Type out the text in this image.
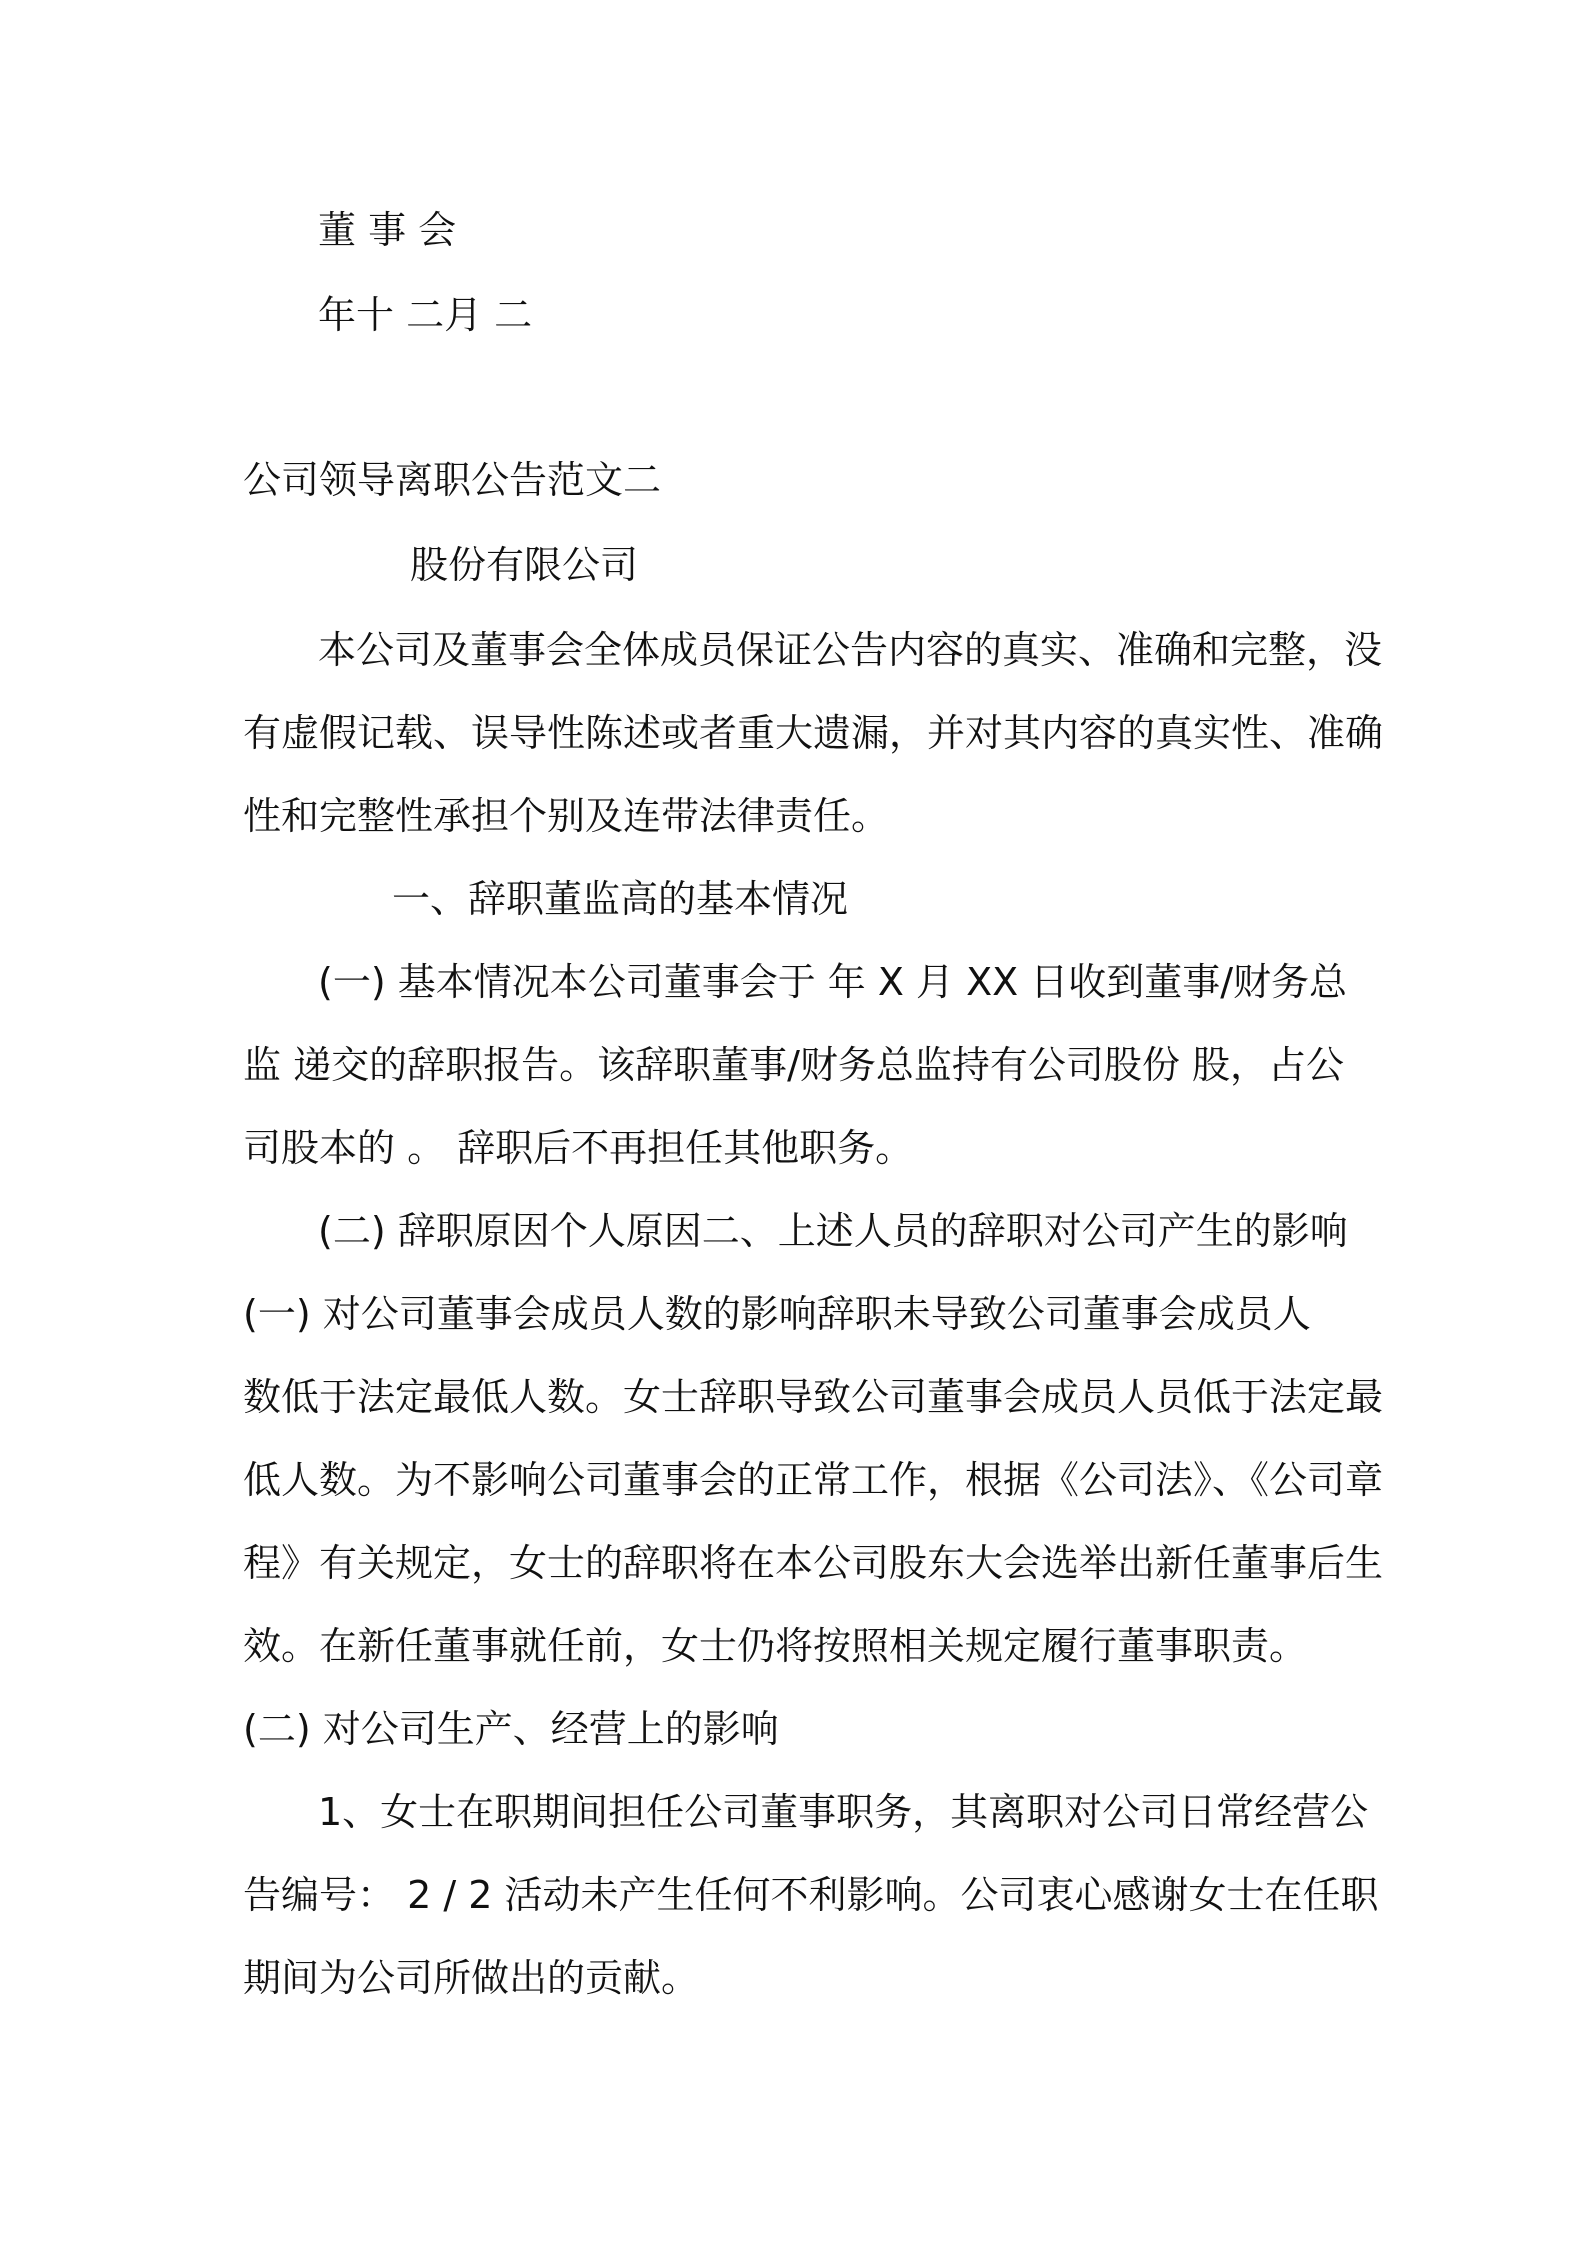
董 事 会
年十 二月 二
公司领导离职公告范文二
股份有限公司
本公司及董事会全体成员保证公告内容的真实、准确和完整，没
有虚假记载、误导性陈述或者重大遗漏，并对其内容的真实性、准确
性和完整性承担个别及连带法律责任。
一、辞职董监高的基本情况
(一) 基本情况本公司董事会于 年 X 月 XX 日收到董事/财务总
监 递交的辞职报告。该辞职董事/财务总监持有公司股份 股，占公
司股本的 。 辞职后不再担任其他职务。
(二) 辞职原因个人原因二、上述人员的辞职对公司产生的影响
(一) 对公司董事会成员人数的影响辞职未导致公司董事会成员人
数低于法定最低人数。女士辞职导致公司董事会成员人员低于法定最
低人数。为不影响公司董事会的正常工作，根据《公司法》、《公司章
程》有关规定，女士的辞职将在本公司股东大会选举出新任董事后生
效。在新任董事就任前，女士仍将按照相关规定履行董事职责。
(二) 对公司生产、经营上的影响
1、女士在职期间担任公司董事职务，其离职对公司日常经营公
告编号： 2 / 2 活动未产生任何不利影响。公司衷心感谢女士在任职
期间为公司所做出的贡献。
